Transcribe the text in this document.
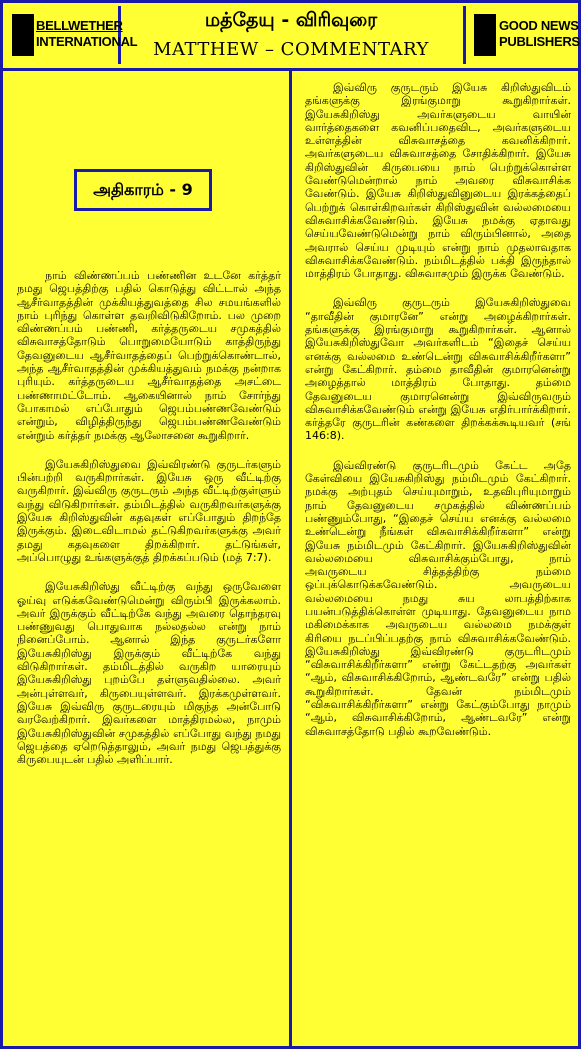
BELLWETHER
INTERNATIONAL
மத்தேயு - விரிவுரை
MATTHEW – COMMENTARY
GOOD NEWS
PUBLISHERS
அதிகாரம் - 9

நாம் விண்ணப்பம் பண்ணின உடனே கர்த்தர் நமது ஜெபத்திற்கு பதில் கொடுத்து விட்டால் அந்த ஆசீர்வாதத்தின் முக்கியத்துவத்தை சில சமயங்களில் நாம் புரிந்து கொள்ள தவறிவிடுகிறோம். பல முறை விண்ணப்பம் பண்ணி, கர்த்தருடைய சமுகத்தில் விசுவாசத்தோடும் பொறுமையோடும் காத்திருந்து தேவனுடைய ஆசீர்வாதத்தைப் பெற்றுக்கொண்டால், அந்த ஆசீர்வாதத்தின் முக்கியத்துவம் நமக்கு நன்றாக புரியும். கர்த்தருடைய ஆசீர்வாதத்தை அசட்டை பண்ணாமட்டோம். ஆகையினால் நாம் சோர்ந்து போகாமல் எப்போதும் ஜெபம்பண்ணவேண்டும் என்றும், விழித்திருந்து ஜெபம்பண்ணவேண்டும் என்றும் கர்த்தர் நமக்கு ஆலோசனை கூறுகிறார்.

இயேசுகிறிஸ்துவை இவ்விரண்டு குருடர்களும் பின்பற்றி வருகிறார்கள். இயேசு ஒரு வீட்டிற்கு வருகிறார். இவ்விரு குருடரும் அந்த வீட்டிற்குள்ளும் வந்து விடுகிறார்கள். தம்மிடத்தில் வருகிறவர்களுக்கு இயேசு கிறிஸ்துவின் கதவுகள் எப்போதும் திறந்தே இருக்கும். இடைவிடாமல் தட்டுகிறவர்களுக்கு அவர் தமது கதவுகளை திறக்கிறார். தட்டுங்கள், அப்பொழுது உங்களுக்குத் திறக்கப்படும் (மத் 7:7).

இயேசுகிறிஸ்து வீட்டிற்கு வந்து ஒருவேளை ஓய்வு எடுக்கவேண்டுமென்று விரும்பி இருக்கலாம். அவர் இருக்கும் வீட்டிற்கே வந்து அவரை தொந்தரவு பண்ணுவது பொதுவாக நல்லதல்ல என்று நாம் நினைப்போம். ஆனால் இந்த குருடர்களோ இயேசுகிறிஸ்து இருக்கும் வீட்டிற்கே வந்து விடுகிறார்கள். தம்மிடத்தில் வருகிற யாரையும் இயேசுகிறிஸ்து புறம்பே தள்ளுவதில்லை. அவர் அன்புள்ளவர், கிருபையுள்ளவர். இரக்கமுள்ளவர். இயேசு இவ்விரு குருடரையும் மிகுந்த அன்போடு வரவேற்கிறார். இவர்களை மாத்திரமல்ல, நாமும் இயேசுகிறிஸ்துவின் சமுகத்தில் எப்போது வந்து நமது ஜெபத்தை ஏறெடுத்தாலும், அவர் நமது ஜெபத்துக்கு கிருபையுடன் பதில் அளிப்பார்.

இவ்விரு குருடரும் இயேசு கிறிஸ்துவிடம் தங்களுக்கு இரங்குமாறு கூறுகிறார்கள். இயேசுகிறிஸ்து அவர்களுடைய வாயின் வார்த்தைகளை கவனிப்பதைவிட, அவர்களுடைய உள்ளத்தின் விசுவாசத்தை கவனிக்கிறார். அவர்களுடைய விசுவாசத்தை சோதிக்கிறார். இயேசு கிறிஸ்துவின் கிருபையை நாம் பெற்றுக்கொள்ள வேண்டுமென்றால் நாம் அவரை விசுவாசிக்க வேண்டும். இயேசு கிறிஸ்துவினுடைய இரக்கத்தைப் பெற்றுக் கொள்கிறவர்கள் கிறிஸ்துவின் வல்லமையை விசுவாசிக்கவேண்டும். இயேசு நமக்கு ஏதாவது செய்யவேண்டுமென்று நாம் விரும்பினால், அதை அவரால் செய்ய முடியும் என்று நாம் முதலாவதாக விசுவாசிக்கவேண்டும். நம்மிடத்தில் பக்தி இருந்தால் மாத்திரம் போதாது. விசுவாசமும் இருக்க வேண்டும்.

இவ்விரு குருடரும் இயேசுகிறிஸ்துவை “தாவீதின் குமாரனே” என்று அழைக்கிறார்கள். தங்களுக்கு இரங்குமாறு கூறுகிறார்கள். ஆனால் இயேசுகிறிஸ்துவோ அவர்களிடம் “இதைச் செய்ய எனக்கு வல்லமை உண்டென்று விசுவாசிக்கிறீர்களா” என்று கேட்கிறார். தம்மை தாவீதின் குமாரனென்று அழைத்தால் மாத்திரம் போதாது. தம்மை தேவனுடைய குமாரனென்று இவ்விருவரும் விசுவாசிக்கவேண்டும் என்று இயேசு எதிர்பார்க்கிறார். கர்த்தரே குருடரின் கண்களை திறக்கக்கூடியவர் (சங் 146:8).

இவ்விரண்டு குருடரிடமும் கேட்ட அதே கேள்வியை இயேசுகிறிஸ்து நம்மிடமும் கேட்கிறார். நமக்கு அற்புதம் செய்யுமாறும், உதவிபுரியுமாறும் நாம் தேவனுடைய சமுகத்தில் விண்ணப்பம் பண்ணும்போது, “இதைச் செய்ய எனக்கு வல்லமை உண்டென்று நீங்கள் விசுவாசிக்கிறீர்களா” என்று இயேசு நம்மிடமும் கேட்கிறார். இயேசுகிறிஸ்துவின் வல்லமையை விசுவாசிக்கும்போது, நாம் அவருடைய சித்தத்திற்கு நம்மை ஒப்புக்கொடுக்கவேண்டும். அவருடைய வல்லமையை நமது சுய லாபத்திற்காக பயன்படுத்திக்கொள்ள முடியாது. தேவனுடைய நாம மகிமைக்காக அவருடைய வல்லமை நமக்குள் கிரியை நடப்பிப்பதற்கு நாம் விசுவாசிக்கவேண்டும். இயேசுகிறிஸ்து இவ்விரண்டு குருடரிடமும் “விசுவாசிக்கிறீர்களா” என்று கேட்டதற்கு அவர்கள் “ஆம், விசுவாசிக்கிறோம், ஆண்டவரே” என்று பதில் கூறுகிறார்கள். தேவன் நம்மிடமும் “விசுவாசிக்கிறீர்களா” என்று கேட்கும்போது நாமும் “ஆம், விசுவாசிக்கிறோம், ஆண்டவரே” என்று விசுவாசத்தோடு பதில் கூறவேண்டும்.
